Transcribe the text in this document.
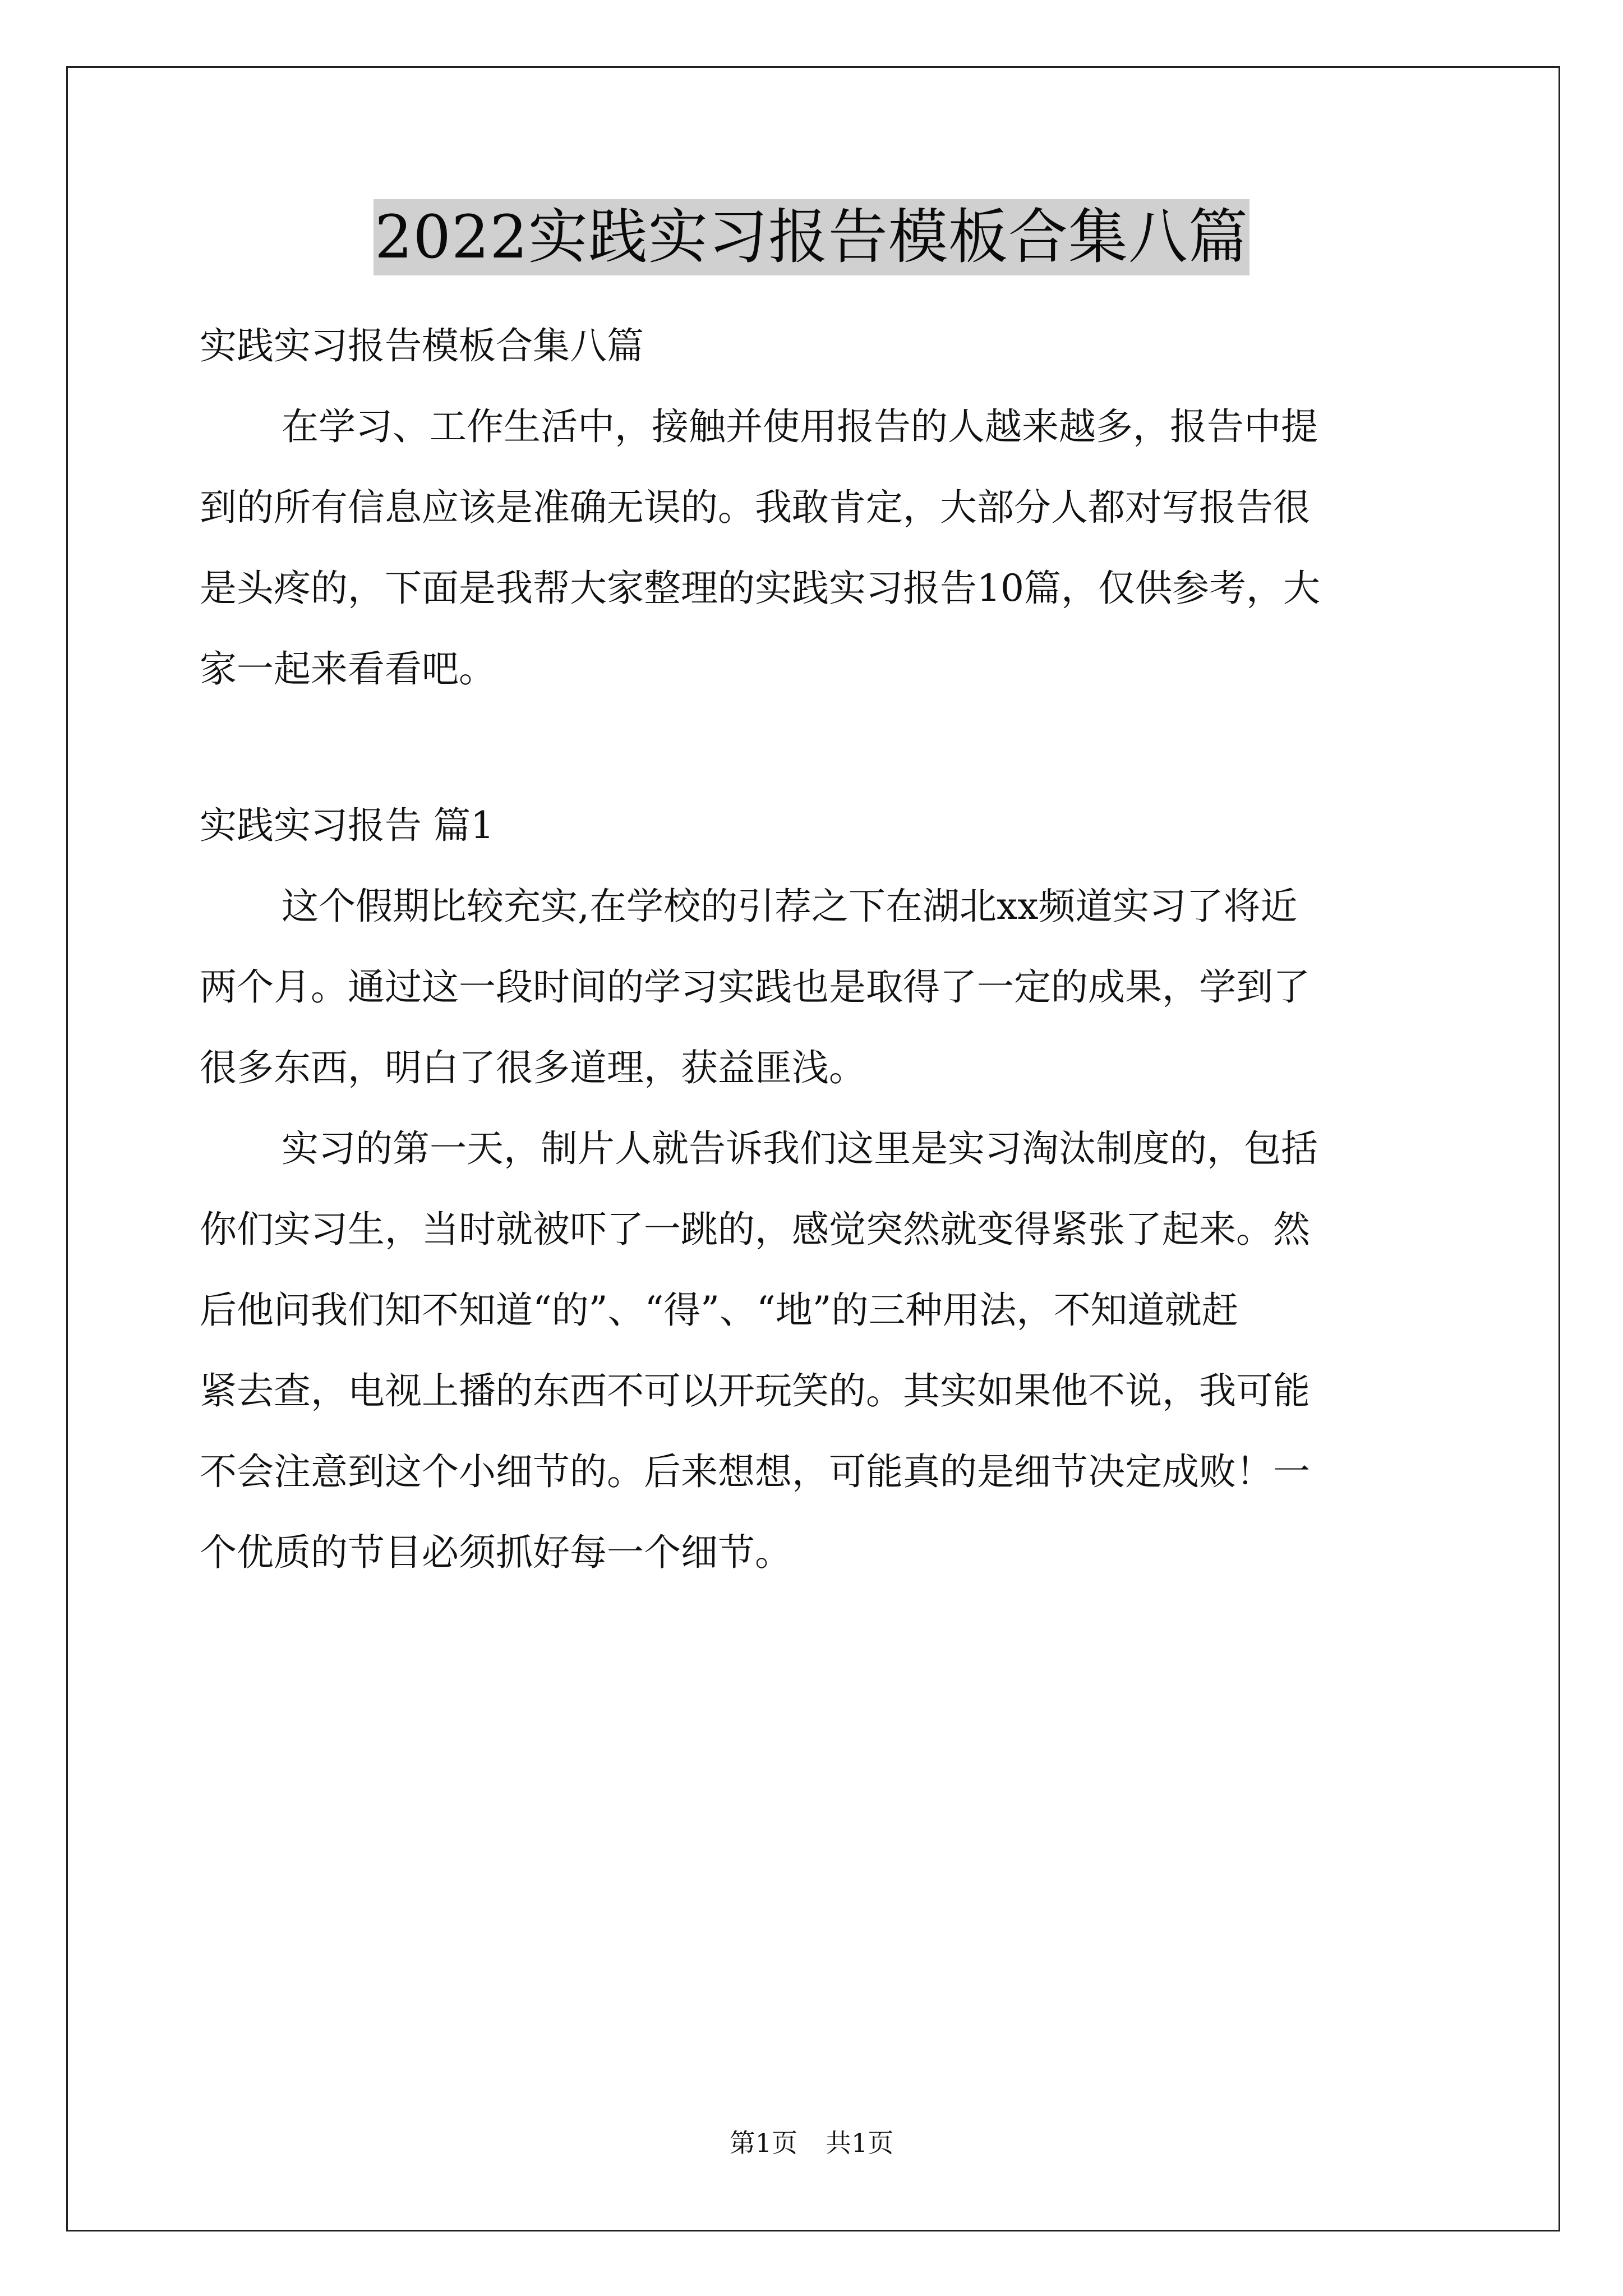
2022实践实习报告模板合集八篇
实践实习报告模板合集八篇
在学习、工作生活中，接触并使用报告的人越来越多，报告中提
到的所有信息应该是准确无误的。我敢肯定，大部分人都对写报告很
是头疼的，下面是我帮大家整理的实践实习报告10篇，仅供参考，大
家一起来看看吧。
实践实习报告 篇1
这个假期比较充实,在学校的引荐之下在湖北xx频道实习了将近
两个月。通过这一段时间的学习实践也是取得了一定的成果，学到了
很多东西，明白了很多道理，获益匪浅。
实习的第一天，制片人就告诉我们这里是实习淘汰制度的，包括
你们实习生，当时就被吓了一跳的，感觉突然就变得紧张了起来。然
后他问我们知不知道“的”、“得”、“地”的三种用法，不知道就赶
紧去查，电视上播的东西不可以开玩笑的。其实如果他不说，我可能
不会注意到这个小细节的。后来想想，可能真的是细节决定成败！一
个优质的节目必须抓好每一个细节。
第1页 共1页
